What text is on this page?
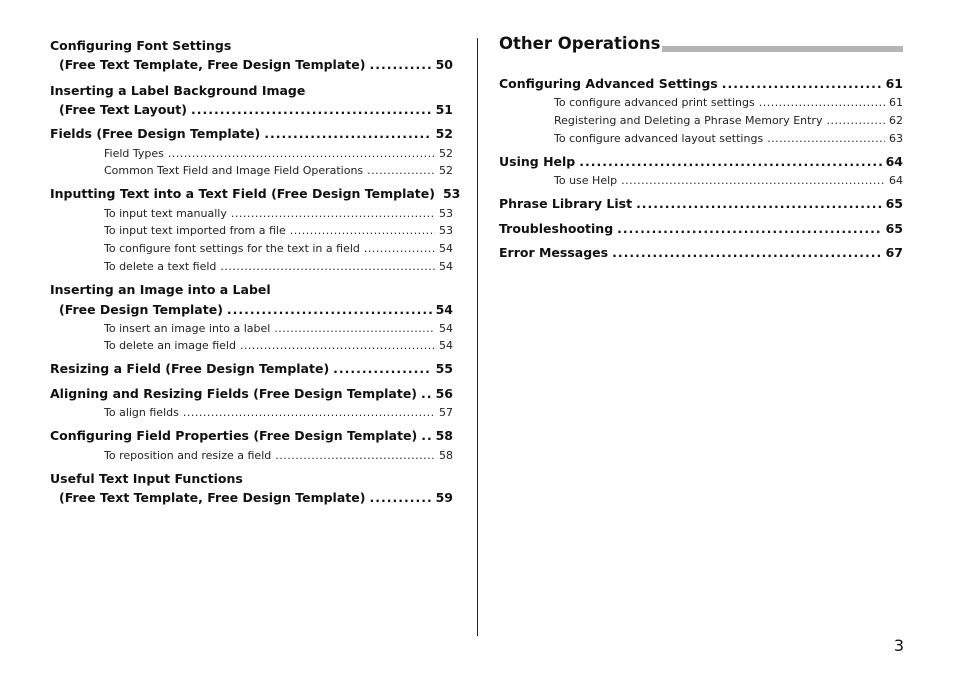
Configuring Font Settings
(Free Text Template, Free Design Template) .....	50
Inserting a Label Background Image
(Free Text Layout) .....	51
Fields (Free Design Template) .....	52
Field Types .....	52
Common Text Field and Image Field Operations .....	52
Inputting Text into a Text Field (Free Design Template) 53
To input text manually .....	53
To input text imported from a file .....	53
To configure font settings for the text in a field .....	54
To delete a text field .....	54
Inserting an Image into a Label
(Free Design Template) .....	54
To insert an image into a label .....	54
To delete an image field .....	54
Resizing a Field (Free Design Template) .....	55
Aligning and Resizing Fields (Free Design Template) ..... 56
To align fields .....	57
Configuring Field Properties (Free Design Template) ..... 58
To reposition and resize a field .....	58
Useful Text Input Functions
(Free Text Template, Free Design Template) .....	59
Other Operations
Configuring Advanced Settings .....	61
To configure advanced print settings .....	61
Registering and Deleting a Phrase Memory Entry .....	62
To configure advanced layout settings .....	63
Using Help .....	64
To use Help .....	64
Phrase Library List .....	65
Troubleshooting .....	65
Error Messages .....	67
3
